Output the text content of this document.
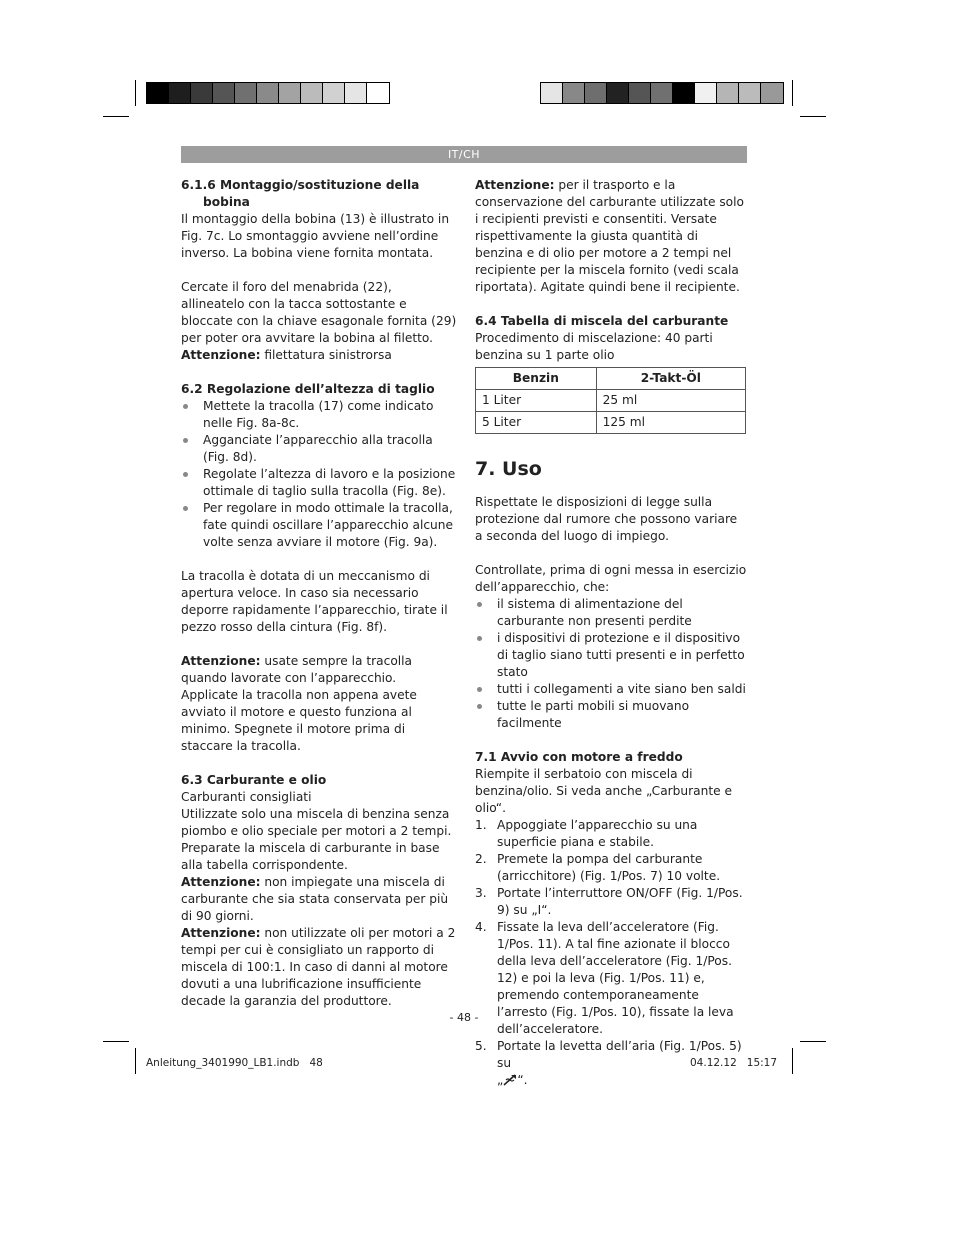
IT/CH

6.1.6 Montaggio/sostituzione della

bobina

Il montaggio della bobina (13) è illustrato in Fig. 7c. Lo smontaggio avviene nell’ordine inverso. La bobina viene fornita montata.

Cercate il foro del menabrida (22), allineatelo con la tacca sottostante e bloccate con la chiave esagonale fornita (29) per poter ora avvitare la bobina al filetto. Attenzione: filettatura sinistrorsa

6.2 Regolazione dell’altezza di taglio

Mettete la tracolla (17) come indicato nelle Fig. 8a-8c.
Agganciate l’apparecchio alla tracolla (Fig. 8d).
Regolate l’altezza di lavoro e la posizione ottimale di taglio sulla tracolla (Fig. 8e).
Per regolare in modo ottimale la tracolla, fate quindi oscillare l’apparecchio alcune volte senza avviare il motore (Fig. 9a).

La tracolla è dotata di un meccanismo di apertura veloce. In caso sia necessario deporre rapidamente l’apparecchio, tirate il pezzo rosso della cintura (Fig. 8f).

Attenzione: usate sempre la tracolla quando lavorate con l’apparecchio. Applicate la tracolla non appena avete avviato il motore e questo funziona al minimo. Spegnete il motore prima di staccare la tracolla.

6.3 Carburante e olio

Carburanti consigliati

Utilizzate solo una miscela di benzina senza piombo e olio speciale per motori a 2 tempi. Preparate la miscela di carburante in base alla tabella corrispondente.

Attenzione: non impiegate una miscela di carburante che sia stata conservata per più di 90 giorni.

Attenzione: non utilizzate oli per motori a 2 tempi per cui è consigliato un rapporto di miscela di 100:1. In caso di danni al motore dovuti a una lubrificazione insufficiente decade la garanzia del produttore.

Attenzione: per il trasporto e la conservazione del carburante utilizzate solo i recipienti previsti e consentiti. Versate rispettivamente la giusta quantità di benzina e di olio per motore a 2 tempi nel recipiente per la miscela fornito (vedi scala riportata). Agitate quindi bene il recipiente.

6.4 Tabella di miscela del carburante

Procedimento di miscelazione: 40 parti benzina su 1 parte olio

Benzin	2-Takt-Öl
1 Liter	25 ml
5 Liter	125 ml

7. Uso

Rispettate le disposizioni di legge sulla protezione dal rumore che possono variare a seconda del luogo di impiego.

Controllate, prima di ogni messa in esercizio dell’apparecchio, che:

il sistema di alimentazione del carburante non presenti perdite
i dispositivi di protezione e il dispositivo di taglio siano tutti presenti e in perfetto stato
tutti i collegamenti a vite siano ben saldi
tutte le parti mobili si muovano facilmente

7.1 Avvio con motore a freddo

Riempite il serbatoio con miscela di benzina/olio. Si veda anche „Carburante e olio“.

1. Appoggiate l’apparecchio su una superficie piana e stabile.
2. Premete la pompa del carburante (arricchitore) (Fig. 1/Pos. 7) 10 volte.
3. Portate l’interruttore ON/OFF (Fig. 1/Pos. 9) su „I“.
4. Fissate la leva dell’acceleratore (Fig. 1/Pos. 11). A tal fine azionate il blocco della leva dell’acceleratore (Fig. 1/Pos. 12) e poi la leva (Fig. 1/Pos. 11) e, premendo contemporaneamente l’arresto (Fig. 1/Pos. 10), fissate la leva dell’acceleratore.
5. Portate la levetta dell’aria (Fig. 1/Pos. 5) su
„ “.
- 48 -
Anleitung_3401990_LB1.indb   48	04.12.12   15:17
